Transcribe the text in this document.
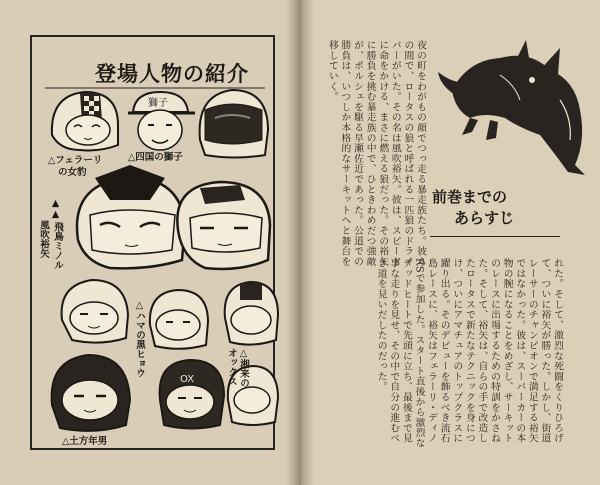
登場人物の紹介
獅子
OX
△フェラーリ
の女豹
△四国の獅子
▲▲
風吹裕矢 飛鳥ミノル
△ハマの黒ヒョウ	△湘来の
オックス
△土方年男
夜の町をわがもの顔でつっ走る暴走族たち。彼らの間で、ロータスの狼と呼ばれる一匹狼のドライバーがいた。その名は風吹裕矢。彼は、スピードに命をかける、まさに燃える狼だった。その裕矢に勝負を挑む暴走族の中で、ひときわめだつ強敵が、ポルシェを駆る早瀬佐近であった。公道での勝負は、いつしか本格的なサーキットへと舞台を移していく。
れた。そして、激烈な死闘をくりひろげて、ついに裕矢が勝った。しかし、街道レーサーのチャンピオンで満足する裕矢ではなかった。彼は、スーパーカーの本物の腕になることをめざし、サーキットのレースに出場するための特訓をかさねた。そして、裕矢は、自らの手で改造したロータスで新たなテクニックを身につけ、ついにアマチュアのトップクラスに躍り出る。そのデビューを飾るべき流石島レースに、裕矢はフェラーリ・ディノRSで参加した。スタート直後から激烈なデッドヒートで先頭に立ち、最後まで見事な走りを見せ、その中で自分の進むべき道を見いだしたのだった。
前巻までの
あらすじ
